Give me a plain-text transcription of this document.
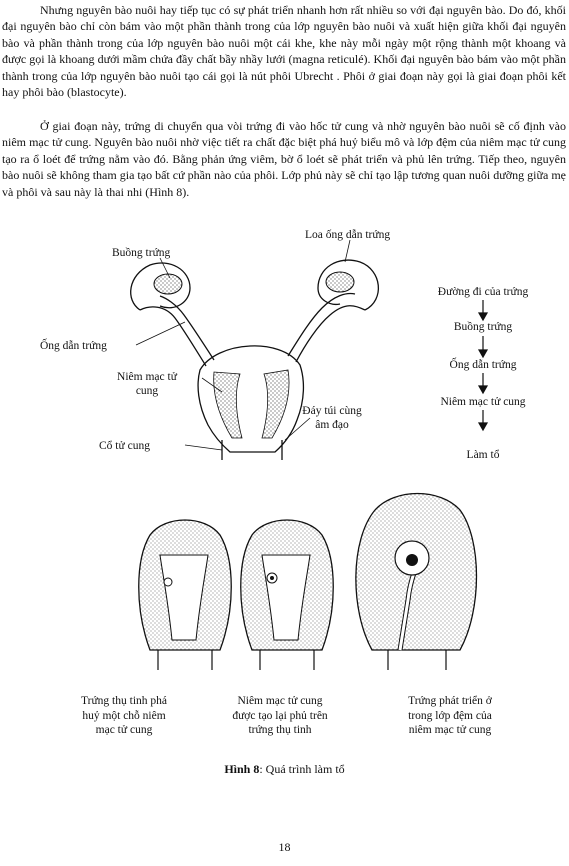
Nhưng nguyên bào nuôi hay tiếp tục có sự phát triển nhanh hơn rất nhiều so với đại nguyên bào. Do đó, khối đại nguyên bào chỉ còn bám vào một phần thành trong của lớp nguyên bào nuôi và xuất hiện giữa khối đại nguyên bào và phần thành trong của lớp nguyên bào nuôi một cái khe, khe này mỗi ngày một rộng thành một khoang và được gọi là khoang dưới mầm chứa đầy chất bầy nhầy lưới (magna reticulé). Khối đại nguyên bào bám vào một phần thành trong của lớp nguyên bào nuôi tạo cái gọi là nút phôi Ubrecht . Phôi ở giai đoạn này gọi là giai đoạn phôi kết hay phôi bào (blastocyte).

Ở giai đoạn này, trứng di chuyển qua vòi trứng đi vào hốc tử cung và nhờ nguyên bào nuôi sẽ cố định vào niêm mạc tử cung. Nguyên bào nuôi nhờ việc tiết ra chất đặc biệt phá huỷ biểu mô và lớp đệm của niêm mạc tử cung tạo ra ổ loét để trứng nằm vào đó. Bằng phản ứng viêm, bờ ổ loét sẽ phát triển và phủ lên trứng. Tiếp theo, nguyên bào nuôi sẽ không tham gia tạo bất cứ phần nào của phôi. Lớp phủ này sẽ chỉ tạo lập tương quan nuôi dưỡng giữa mẹ và phôi và sau này là thai nhi (Hình 8).

Buồng trứng
Loa ống dẫn trứng
Ống dẫn trứng
Niêm mạc tử
cung
Đáy túi cùng
âm đạo
Cổ tử cung
Đường đi của trứng
Buồng trứng
Ống dẫn trứng
Niêm mạc tử cung
Làm tổ
Trứng thụ tinh phá
huỷ một chỗ niêm
mạc tử cung
Niêm mạc tử cung
được tạo lại phủ trên
trứng thụ tinh
Trứng phát triển ở
trong lớp đệm của
niêm mạc tử cung
Hình 8: Quá trình làm tổ
18
